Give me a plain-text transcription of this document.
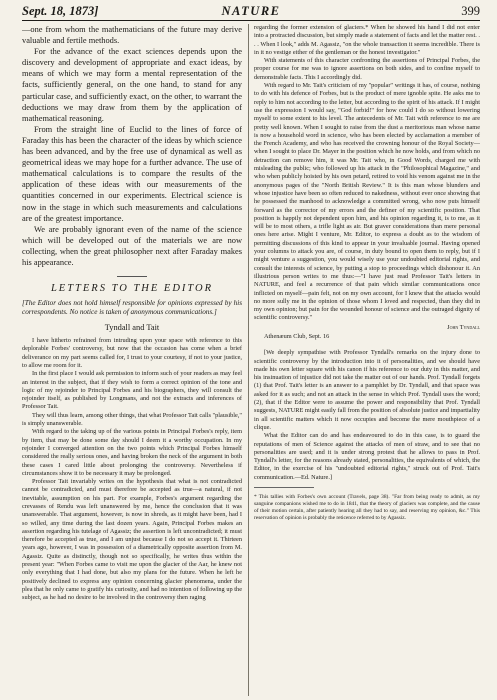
Sept. 18, 1873]	NATURE	399

—one from whom the mathematicians of the future may derive valuable and fertile methods.

For the advance of the exact sciences depends upon the discovery and development of appropriate and exact ideas, by means of which we may form a mental representation of the facts, sufficiently general, on the one hand, to stand for any particular case, and sufficiently exact, on the other, to warrant the deductions we may draw from them by the application of mathematical reasoning.

From the straight line of Euclid to the lines of force of Faraday this has been the character of the ideas by which science has been advanced, and by the free use of dynamical as well as geometrical ideas we may hope for a further advance. The use of mathematical calculations is to compare the results of the application of these ideas with our measurements of the quantities concerned in our experiments. Electrical science is now in the stage in which such measurements and calculations are of the greatest importance.

We are probably ignorant even of the name of the science which will be developed out of the materials we are now collecting, when the great philosopher next after Faraday makes his appearance.

LETTERS TO THE EDITOR
[The Editor does not hold himself responsible for opinions expressed by his correspondents. No notice is taken of anonymous communications.]
Tyndall and Tait

I have hitherto refrained from intruding upon your space with reference to this deplorable Forbes' controversy, but now that the occasion has come when a brief deliverance on my part seems called for, I trust to your courtesy, if not to your justice, to allow me room for it.

In the first place I would ask permission to inform such of your readers as may feel an interest in the subject, that if they wish to form a correct opinion of the tone and logic of my rejoinder to Principal Forbes and his biographers, they will consult the rejoinder itself, as published by Longmans, and not the extracts and inferences of Professor Tait.

They will thus learn, among other things, that what Professor Tait calls "plausible," is simply unanswerable.

With regard to the taking up of the various points in Principal Forbes's reply, item by item, that may be done some day should I deem it a worthy occupation. In my rejoinder I converged attention on the two points which Principal Forbes himself considered the really serious ones, and having broken the neck of the argument in both these cases I cared little about prolonging the controversy. Nevertheless if circumstances show it to be necessary it may be prolonged.

Professor Tait invariably writes on the hypothesis that what is not contradicted cannot be contradicted, and must therefore be accepted as true—a natural, if not inevitable, assumption on his part. For example, Forbes's argument regarding the crevasses of Rendu was left unanswered by me, hence the conclusion that it was unanswerable. That argument, however, is now in shreds, as it might have been, had I so willed, any time during the last dozen years. Again, Principal Forbes makes an assertion regarding his tutelage of Agassiz; the assertion is left uncontradicted; it must therefore be accepted as true, and I am unjust because I do not so accept it. Thirteen years ago, however, I was in possession of a diametrically opposite assertion from M. Agassiz. Quite as distinctly, though not so specifically, he writes thus within the present year: "When Forbes came to visit me upon the glacier of the Aar, he knew not only everything that I had done, but also my plans for the future. When he left he positively declined to express any opinion concerning glacier phenomena, under the plea that he only came to gratify his curiosity, and had no intention of following up the subject, as he had no desire to be involved in the controversy then raging

regarding the former extension of glaciers.* When he showed his hand I did not enter into a protracted discussion, but simply made a statement of facts and let the matter rest. . . . When I look," adds M. Agassiz, "on the whole transaction it seems incredible. There is in it no vestige either of the gentleman or the honest investigator."

With statements of this character confronting the assertions of Principal Forbes, the proper course for me was to ignore assertions on both sides, and to confine myself to demonstrable facts. This I accordingly did.

With regard to Mr. Tait's criticism of my "popular" writings it has, of course, nothing to do with his defence of Forbes, but is the product of mere ignoble spite. He asks me to reply to him not according to the letter, but according to the spirit of his attack. If I might use the expression I would say, "God forbid!" for how could I do so without lowering myself to some extent to his level. The antecedents of Mr. Tait with reference to me are pretty well known. When I sought to raise from the dust a meritorious man whose name is now a household word in science, who has been elected by acclamation a member of the French Academy, and who has received the crowning honour of the Royal Society—when I sought to place Dr. Mayer in the position which he now holds, and from which no detraction can remove him, it was Mr. Tait who, in Good Words, charged me with misleading the public; who followed up his attack in the "Philosophical Magazine," and who when publicly hoisted by his own petard, retired to void his venom against me in the anonymous pages of the "North British Review." It is this man whose blunders and whose injustice have been so often reduced to nakedness, without ever once showing that he possessed the manhood to acknowledge a committed wrong, who now puts himself forward as the corrector of my errors and the definer of my scientific position. That position is happily not dependent upon him, and his opinion regarding it, is to me, as it will be to most others, a trifle light as air. But graver considerations than mere personal ones here arise. Might I venture, Mr. Editor, to express a doubt as to the wisdom of permitting discussions of this kind to appear in your invaluable journal. Having opened your columns to attack you are, of course, in duty bound to open them to reply, but if I might venture a suggestion, you would wisely use your undoubted editorial rights, and consult the interests of science, by putting a stop to proceedings which dishonour it. An illustrious person writes to me thus:—"I have just read Professor Tait's letters in NATURE, and feel a recurrence of that pain which similar communications once inflicted on myself—pain felt, not on my own account, for I knew that the attacks would no more sully me in the opinion of those whom I loved and respected, than they did in my own opinion; but pain for the wounded honour of science and the outraged dignity of scientific controversy."

John Tyndall

Athenæum Club, Sept. 16

[We deeply sympathise with Professor Tyndall's remarks on the injury done to scientific controversy by the introduction into it of personalities, and we should have made his own letter square with his canon if his reference to our duty in this matter, and his insinuation of injustice did not take the matter out of our hands. Prof. Tyndall forgets (1) that Prof. Tait's letter is an answer to a pamphlet by Dr. Tyndall, and that space was asked for it as such; and not an attack in the sense in which Prof. Tyndall uses the word; (2), that if the Editor were to assume the power and responsibility that Prof. Tyndall suggests, NATURE might easily fall from the position of absolute justice and impartiality in all scientific matters which it now occupies and become the mere mouthpiece of a clique.

What the Editor can do and has endeavoured to do in this case, is to guard the reputations of men of Science against the attacks of men of straw, and to see that no personalities are used; and it is under strong protest that he allows to pass in Prof. Tyndall's letter, for the reasons already stated, personalities, the equivalents of which, the Editor, in the exercise of his "undoubted editorial rights," struck out of Prof. Tait's communication.—Ed. Nature.]

* This tallies with Forbes's own account (Travels, page 38). "Far from being ready to admit, as my sanguine companions wished me to do in 1841, that the theory of glaciers was complete, and the cause of their motion certain, after patiently hearing all they had to say, and reserving my opinion, &c." This reservation of opinion is probably the reticence referred to by Agassiz.
